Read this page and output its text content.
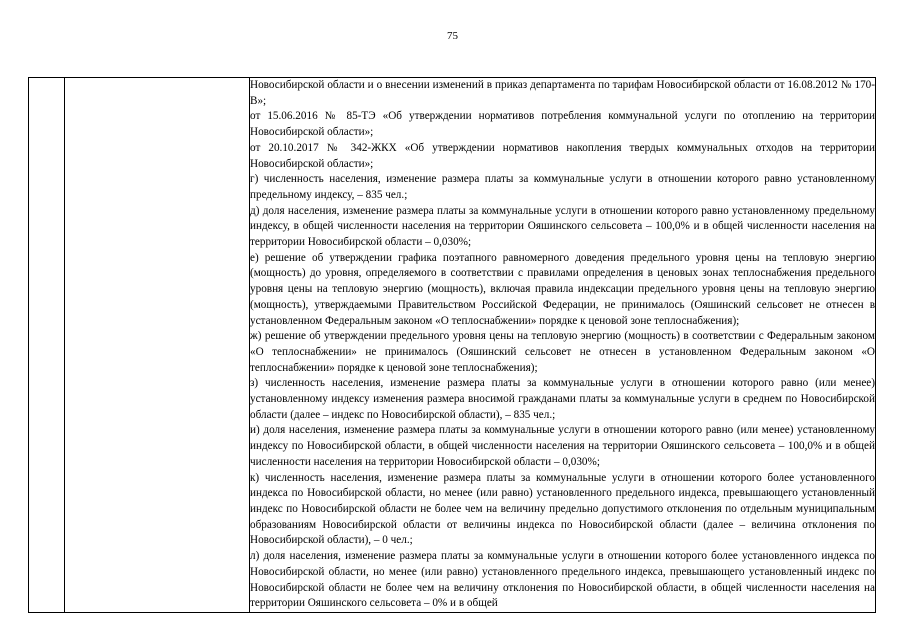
75

Новосибирской области и о внесении изменений в приказ департамента по тарифам Новосибирской области от 16.08.2012 № 170-В»;

от 15.06.2016 № 85-ТЭ «Об утверждении нормативов потребления коммунальной услуги по отоплению на территории Новосибирской области»;

от 20.10.2017 № 342-ЖКХ «Об утверждении нормативов накопления твердых коммунальных отходов на территории Новосибирской области»;

г) численность населения, изменение размера платы за коммунальные услуги в отношении которого равно установленному предельному индексу, – 835 чел.;

д) доля населения, изменение размера платы за коммунальные услуги в отношении которого равно установленному предельному индексу, в общей численности населения на территории Ояшинского сельсовета – 100,0% и в общей численности населения на территории Новосибирской области – 0,030%;

е) решение об утверждении графика поэтапного равномерного доведения предельного уровня цены на тепловую энергию (мощность) до уровня, определяемого в соответствии с правилами определения в ценовых зонах теплоснабжения предельного уровня цены на тепловую энергию (мощность), включая правила индексации предельного уровня цены на тепловую энергию (мощность), утверждаемыми Правительством Российской Федерации, не принималось (Ояшинский сельсовет не отнесен в установленном Федеральным законом «О теплоснабжении» порядке к ценовой зоне теплоснабжения);

ж) решение об утверждении предельного уровня цены на тепловую энергию (мощность) в соответствии с Федеральным законом «О теплоснабжении» не принималось (Ояшинский сельсовет не отнесен в установленном Федеральным законом «О теплоснабжении» порядке к ценовой зоне теплоснабжения);

з) численность населения, изменение размера платы за коммунальные услуги в отношении которого равно (или менее) установленному индексу изменения размера вносимой гражданами платы за коммунальные услуги в среднем по Новосибирской области (далее – индекс по Новосибирской области), – 835 чел.;

и) доля населения, изменение размера платы за коммунальные услуги в отношении которого равно (или менее) установленному индексу по Новосибирской области, в общей численности населения на территории Ояшинского сельсовета – 100,0% и в общей численности населения на территории Новосибирской области – 0,030%;

к) численность населения, изменение размера платы за коммунальные услуги в отношении которого более установленного индекса по Новосибирской области, но менее (или равно) установленного предельного индекса, превышающего установленный индекс по Новосибирской области не более чем на величину предельно допустимого отклонения по отдельным муниципальным образованиям Новосибирской области от величины индекса по Новосибирской области (далее – величина отклонения по Новосибирской области), – 0 чел.;

л) доля населения, изменение размера платы за коммунальные услуги в отношении которого более установленного индекса по Новосибирской области, но менее (или равно) установленного предельного индекса, превышающего установленный индекс по Новосибирской области не более чем на величину отклонения по Новосибирской области, в общей численности населения на территории Ояшинского сельсовета – 0% и в общей
